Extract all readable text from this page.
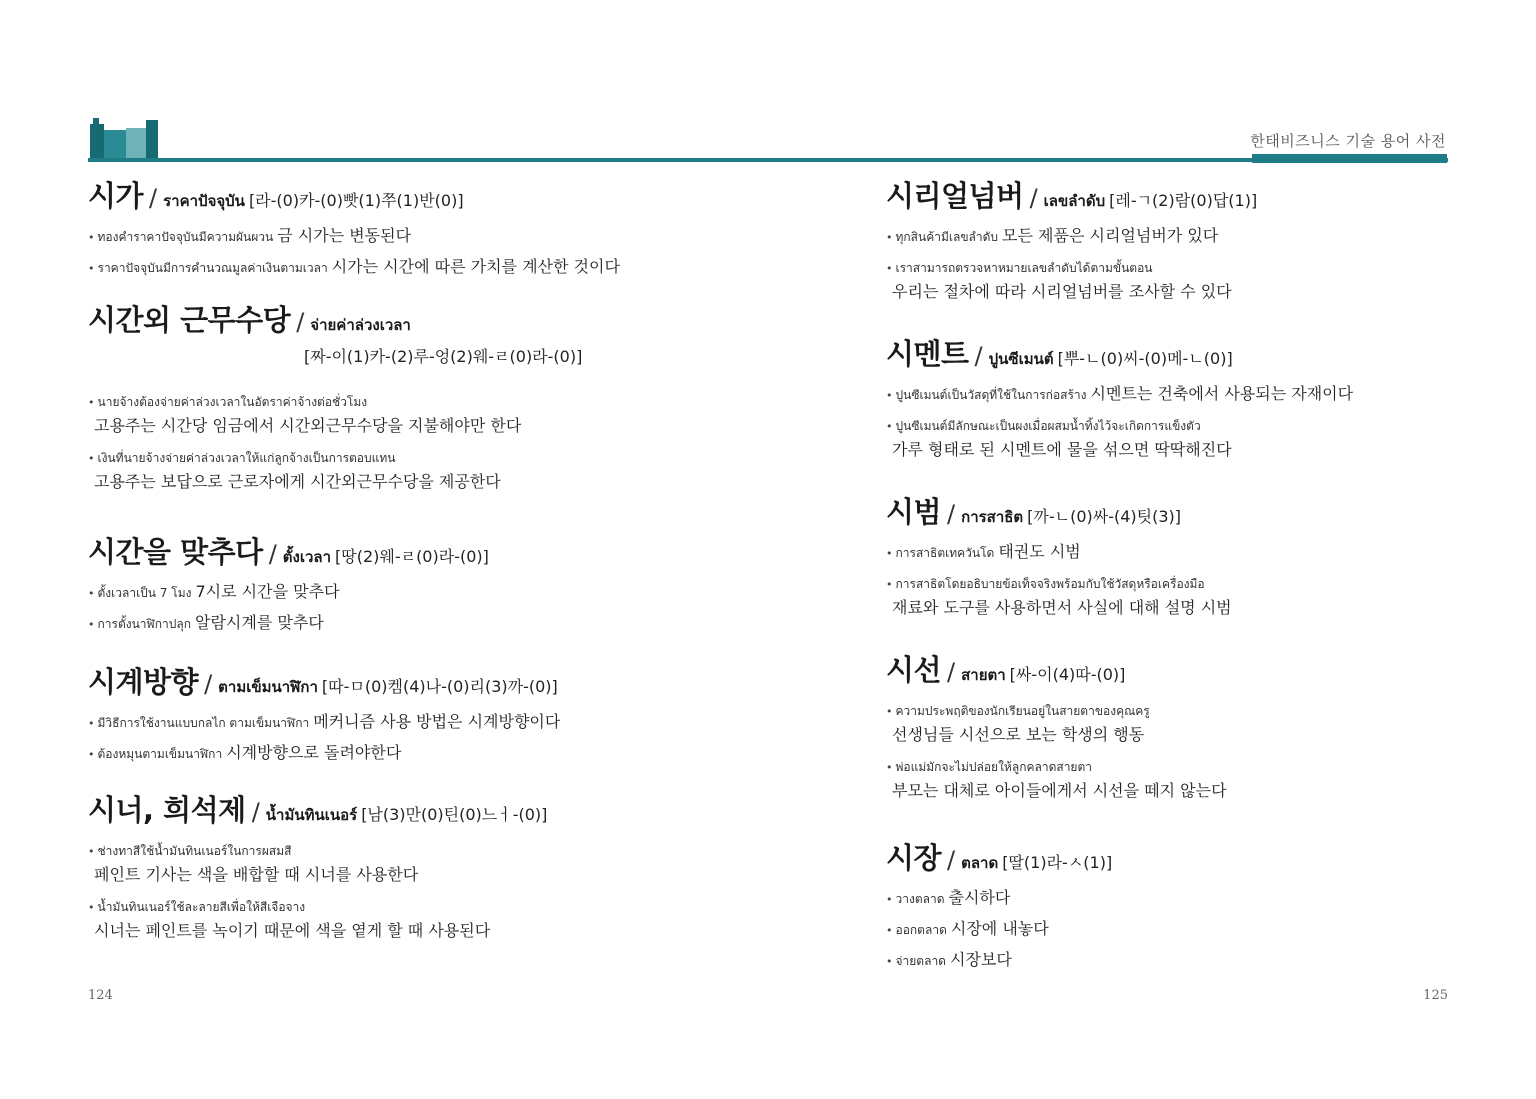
한태비즈니스 기술 용어 사전
시가 / ราคาปัจจุบัน [라-(0)카-(0)빳(1)쭈(1)반(0)]
• ทองคำราคาปัจจุบันมีความผันผวน 금 시가는 변동된다
• ราคาปัจจุบันมีการคำนวณมูลค่าเงินตามเวลา 시가는 시간에 따른 가치를 계산한 것이다
시간외 근무수당 / จ่ายค่าล่วงเวลา
[짜-이(1)카-(2)루-엉(2)웨-ㄹ(0)라-(0)]
• นายจ้างต้องจ่ายค่าล่วงเวลาในอัตราค่าจ้างต่อชั่วโมง
고용주는 시간당 임금에서 시간외근무수당을 지불해야만 한다
• เงินที่นายจ้างจ่ายค่าล่วงเวลาให้แก่ลูกจ้างเป็นการตอบแทน
고용주는 보답으로 근로자에게 시간외근무수당을 제공한다
시간을 맞추다 / ตั้งเวลา [땅(2)웨-ㄹ(0)라-(0)]
• ตั้งเวลาเป็น 7 โมง 7시로 시간을 맞추다
• การตั้งนาฬิกาปลุก 알람시계를 맞추다
시계방향 / ตามเข็มนาฬิกา [따-ㅁ(0)켐(4)나-(0)리(3)까-(0)]
• มีวิธีการใช้งานแบบกลไก ตามเข็มนาฬิกา 메커니즘 사용 방법은 시계방향이다
• ต้องหมุนตามเข็มนาฬิกา 시계방향으로 돌려야한다
시너, 희석제 / น้ำมันทินเนอร์ [남(3)만(0)틴(0)느ㅓ-(0)]
• ช่างทาสีใช้น้ำมันทินเนอร์ในการผสมสี
페인트 기사는 색을 배합할 때 시너를 사용한다
• น้ำมันทินเนอร์ใช้ละลายสีเพื่อให้สีเจือจาง
시너는 페인트를 녹이기 때문에 색을 옅게 할 때 사용된다
시리얼넘버 / เลขลำดับ [레-ㄱ(2)람(0)답(1)]
• ทุกสินค้ามีเลขลำดับ 모든 제품은 시리얼넘버가 있다
• เราสามารถตรวจหาหมายเลขลำดับได้ตามขั้นตอน
우리는 절차에 따라 시리얼넘버를 조사할 수 있다
시멘트 / ปูนซีเมนต์ [뿌-ㄴ(0)씨-(0)메-ㄴ(0)]
• ปูนซีเมนต์เป็นวัสดุที่ใช้ในการก่อสร้าง 시멘트는 건축에서 사용되는 자재이다
• ปูนซีเมนต์มีลักษณะเป็นผงเมื่อผสมน้ำทิ้งไว้จะเกิดการแข็งตัว
가루 형태로 된 시멘트에 물을 섞으면 딱딱해진다
시범 / การสาธิต [까-ㄴ(0)싸-(4)팃(3)]
• การสาธิตเทควันโด 태권도 시범
• การสาธิตโดยอธิบายข้อเท็จจริงพร้อมกับใช้วัสดุหรือเครื่องมือ
재료와 도구를 사용하면서 사실에 대해 설명 시범
시선 / สายตา [싸-이(4)따-(0)]
• ความประพฤติของนักเรียนอยู่ในสายตาของคุณครู
선생님들 시선으로 보는 학생의 행동
• พ่อแม่มักจะไม่ปล่อยให้ลูกคลาดสายตา
부모는 대체로 아이들에게서 시선을 떼지 않는다
시장 / ตลาด [딸(1)라-ㅅ(1)]
• วางตลาด 출시하다
• ออกตลาด 시장에 내놓다
• จ่ายตลาด 시장보다
124	125
